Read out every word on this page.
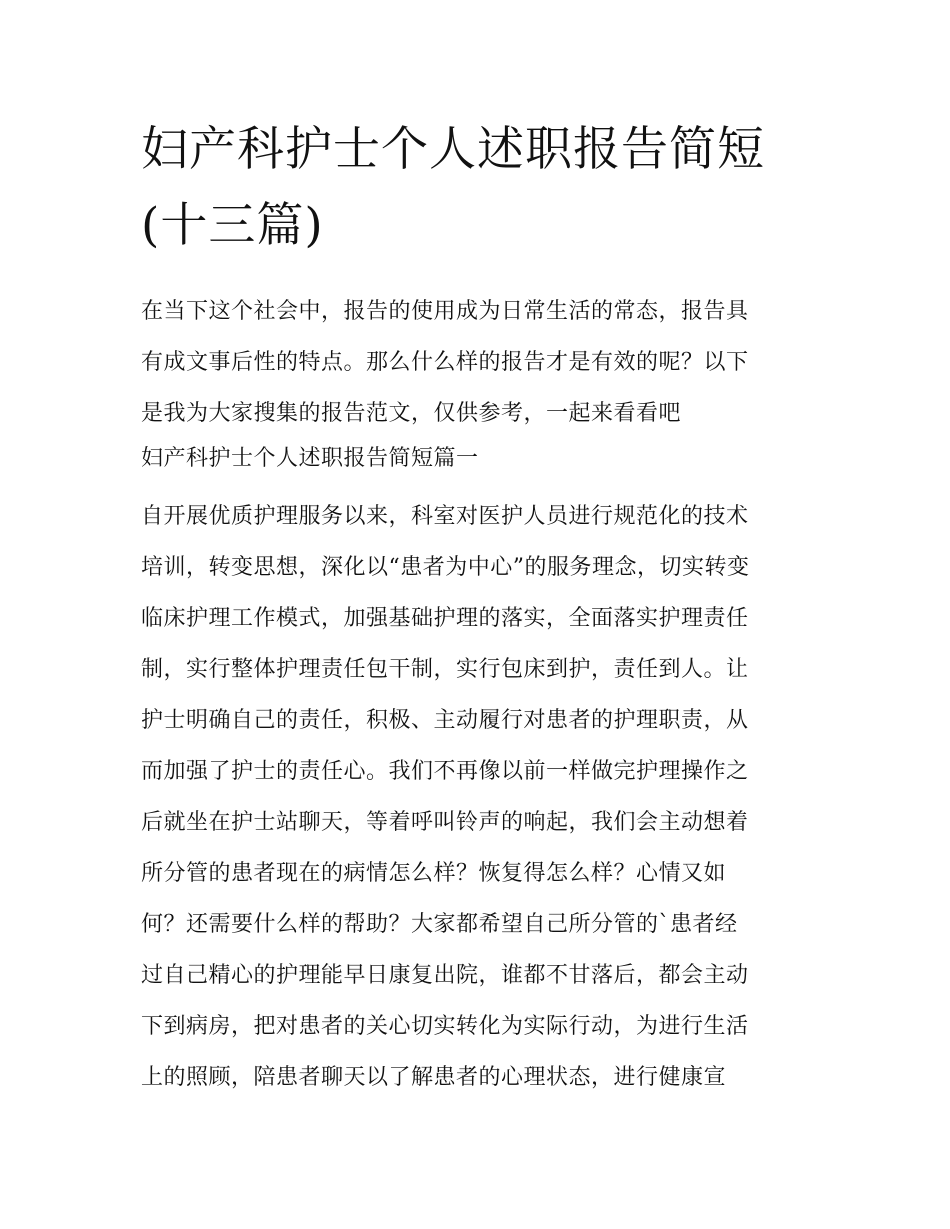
妇产科护士个人述职报告简短
(十三篇)

在当下这个社会中，报告的使用成为日常生活的常态，报告具
有成文事后性的特点。那么什么样的报告才是有效的呢？以下
是我为大家搜集的报告范文，仅供参考，一起来看看吧

妇产科护士个人述职报告简短篇一

自开展优质护理服务以来，科室对医护人员进行规范化的技术
培训，转变思想，深化以“患者为中心”的服务理念，切实转变
临床护理工作模式，加强基础护理的落实，全面落实护理责任
制，实行整体护理责任包干制，实行包床到护，责任到人。让
护士明确自己的责任，积极、主动履行对患者的护理职责，从
而加强了护士的责任心。我们不再像以前一样做完护理操作之
后就坐在护士站聊天，等着呼叫铃声的响起，我们会主动想着
所分管的患者现在的病情怎么样？恢复得怎么样？心情又如
何？还需要什么样的帮助？大家都希望自己所分管的`患者经
过自己精心的护理能早日康复出院，谁都不甘落后，都会主动
下到病房，把对患者的关心切实转化为实际行动，为进行生活
上的照顾，陪患者聊天以了解患者的心理状态，进行健康宣
